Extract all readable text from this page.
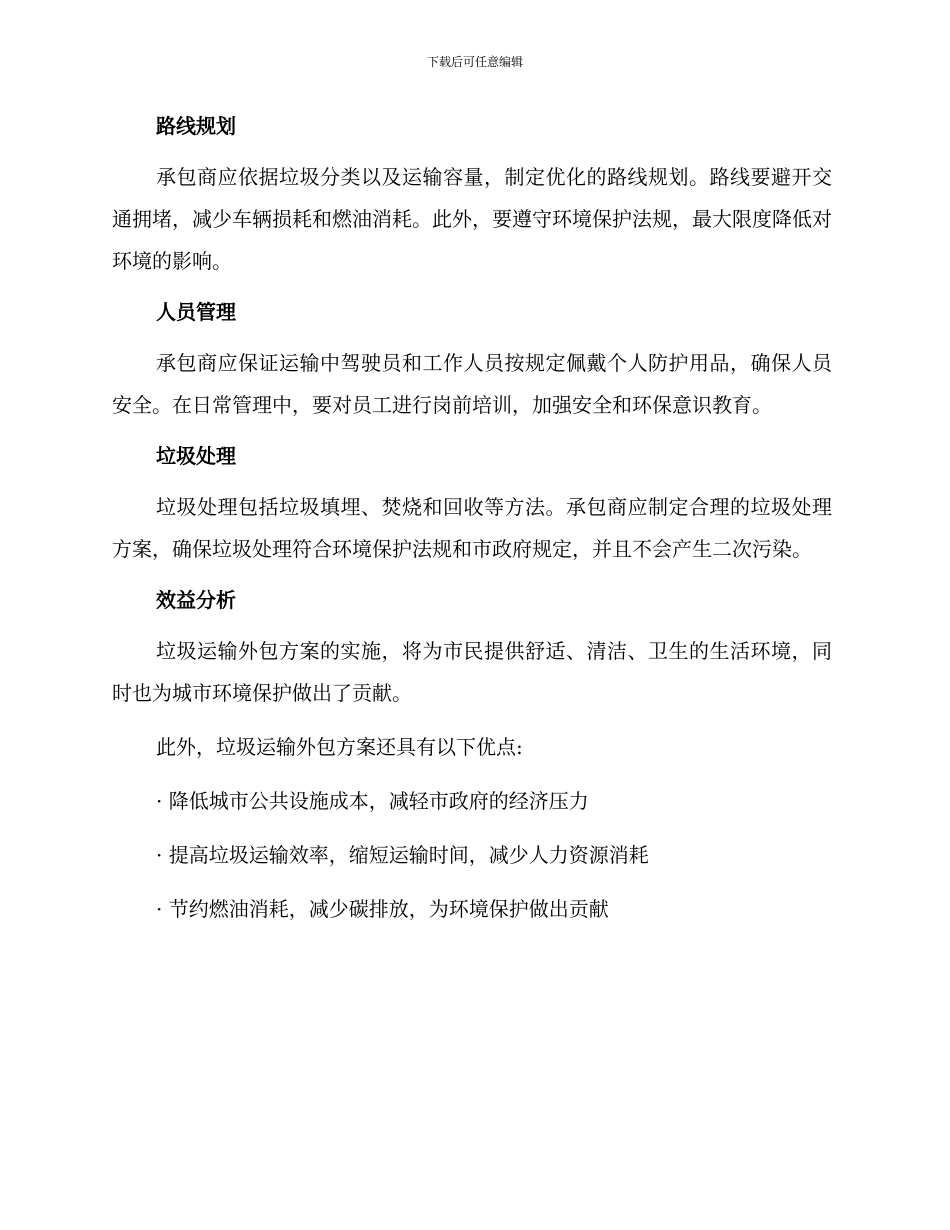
下载后可任意编辑
路线规划

承包商应依据垃圾分类以及运输容量，制定优化的路线规划。路线要避开交通拥堵，减少车辆损耗和燃油消耗。此外，要遵守环境保护法规，最大限度降低对环境的影响。

人员管理

承包商应保证运输中驾驶员和工作人员按规定佩戴个人防护用品，确保人员安全。在日常管理中，要对员工进行岗前培训，加强安全和环保意识教育。

垃圾处理

垃圾处理包括垃圾填埋、焚烧和回收等方法。承包商应制定合理的垃圾处理方案，确保垃圾处理符合环境保护法规和市政府规定，并且不会产生二次污染。

效益分析

垃圾运输外包方案的实施，将为市民提供舒适、清洁、卫生的生活环境，同时也为城市环境保护做出了贡献。

此外，垃圾运输外包方案还具有以下优点:

· 降低城市公共设施成本，减轻市政府的经济压力
· 提高垃圾运输效率，缩短运输时间，减少人力资源消耗
· 节约燃油消耗，减少碳排放，为环境保护做出贡献
